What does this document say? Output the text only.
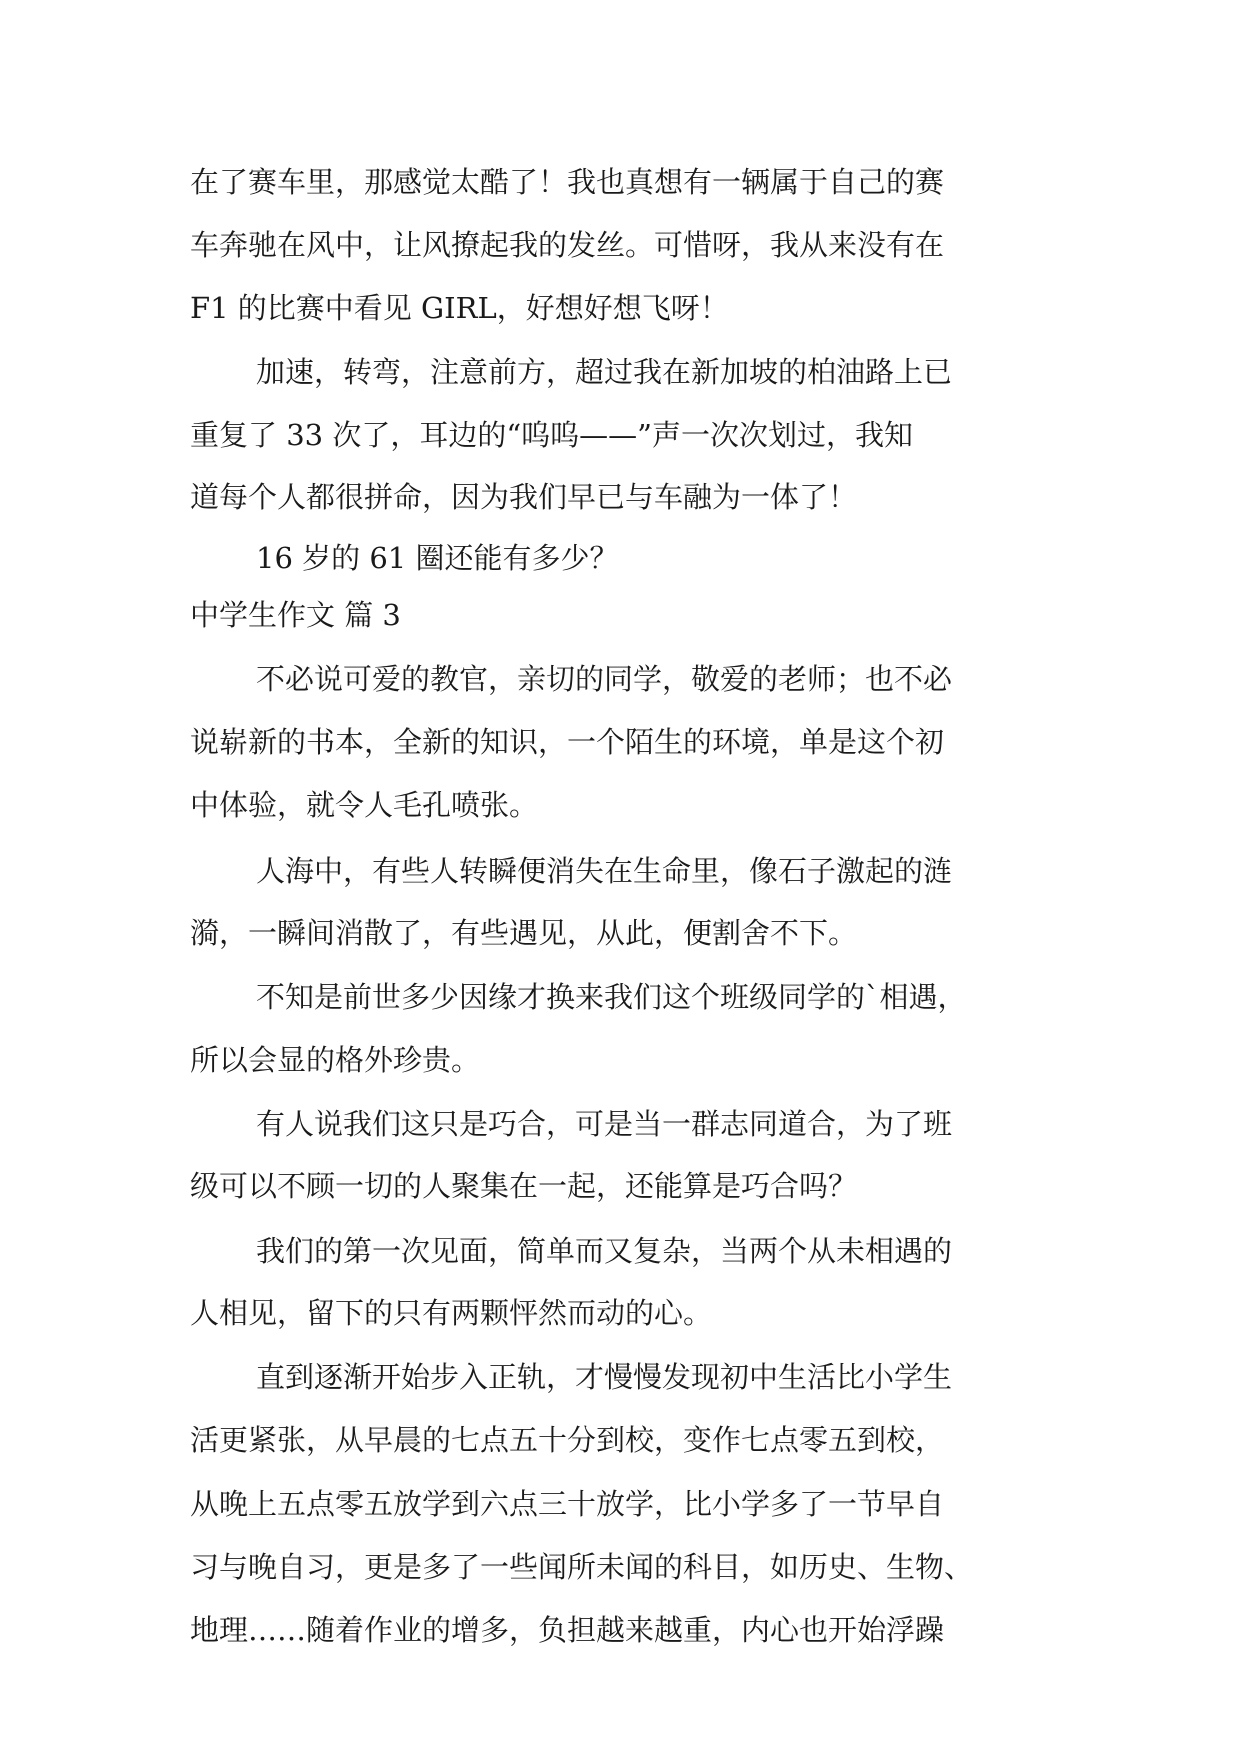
在了赛车里，那感觉太酷了！我也真想有一辆属于自己的赛
车奔驰在风中，让风撩起我的发丝。可惜呀，我从来没有在
F1 的比赛中看见 GIRL，好想好想飞呀！
加速，转弯，注意前方，超过我在新加坡的柏油路上已
重复了 33 次了，耳边的“呜呜——”声一次次划过，我知
道每个人都很拼命，因为我们早已与车融为一体了！
16 岁的 61 圈还能有多少？
中学生作文 篇 3
不必说可爱的教官，亲切的同学，敬爱的老师；也不必
说崭新的书本，全新的知识，一个陌生的环境，单是这个初
中体验，就令人毛孔喷张。
人海中，有些人转瞬便消失在生命里，像石子激起的涟
漪，一瞬间消散了，有些遇见，从此，便割舍不下。
不知是前世多少因缘才换来我们这个班级同学的`相遇，
所以会显的格外珍贵。
有人说我们这只是巧合，可是当一群志同道合，为了班
级可以不顾一切的人聚集在一起，还能算是巧合吗？
我们的第一次见面，简单而又复杂，当两个从未相遇的
人相见，留下的只有两颗怦然而动的心。
直到逐渐开始步入正轨，才慢慢发现初中生活比小学生
活更紧张，从早晨的七点五十分到校，变作七点零五到校，
从晚上五点零五放学到六点三十放学，比小学多了一节早自
习与晚自习，更是多了一些闻所未闻的科目，如历史、生物、
地理……随着作业的增多，负担越来越重，内心也开始浮躁
